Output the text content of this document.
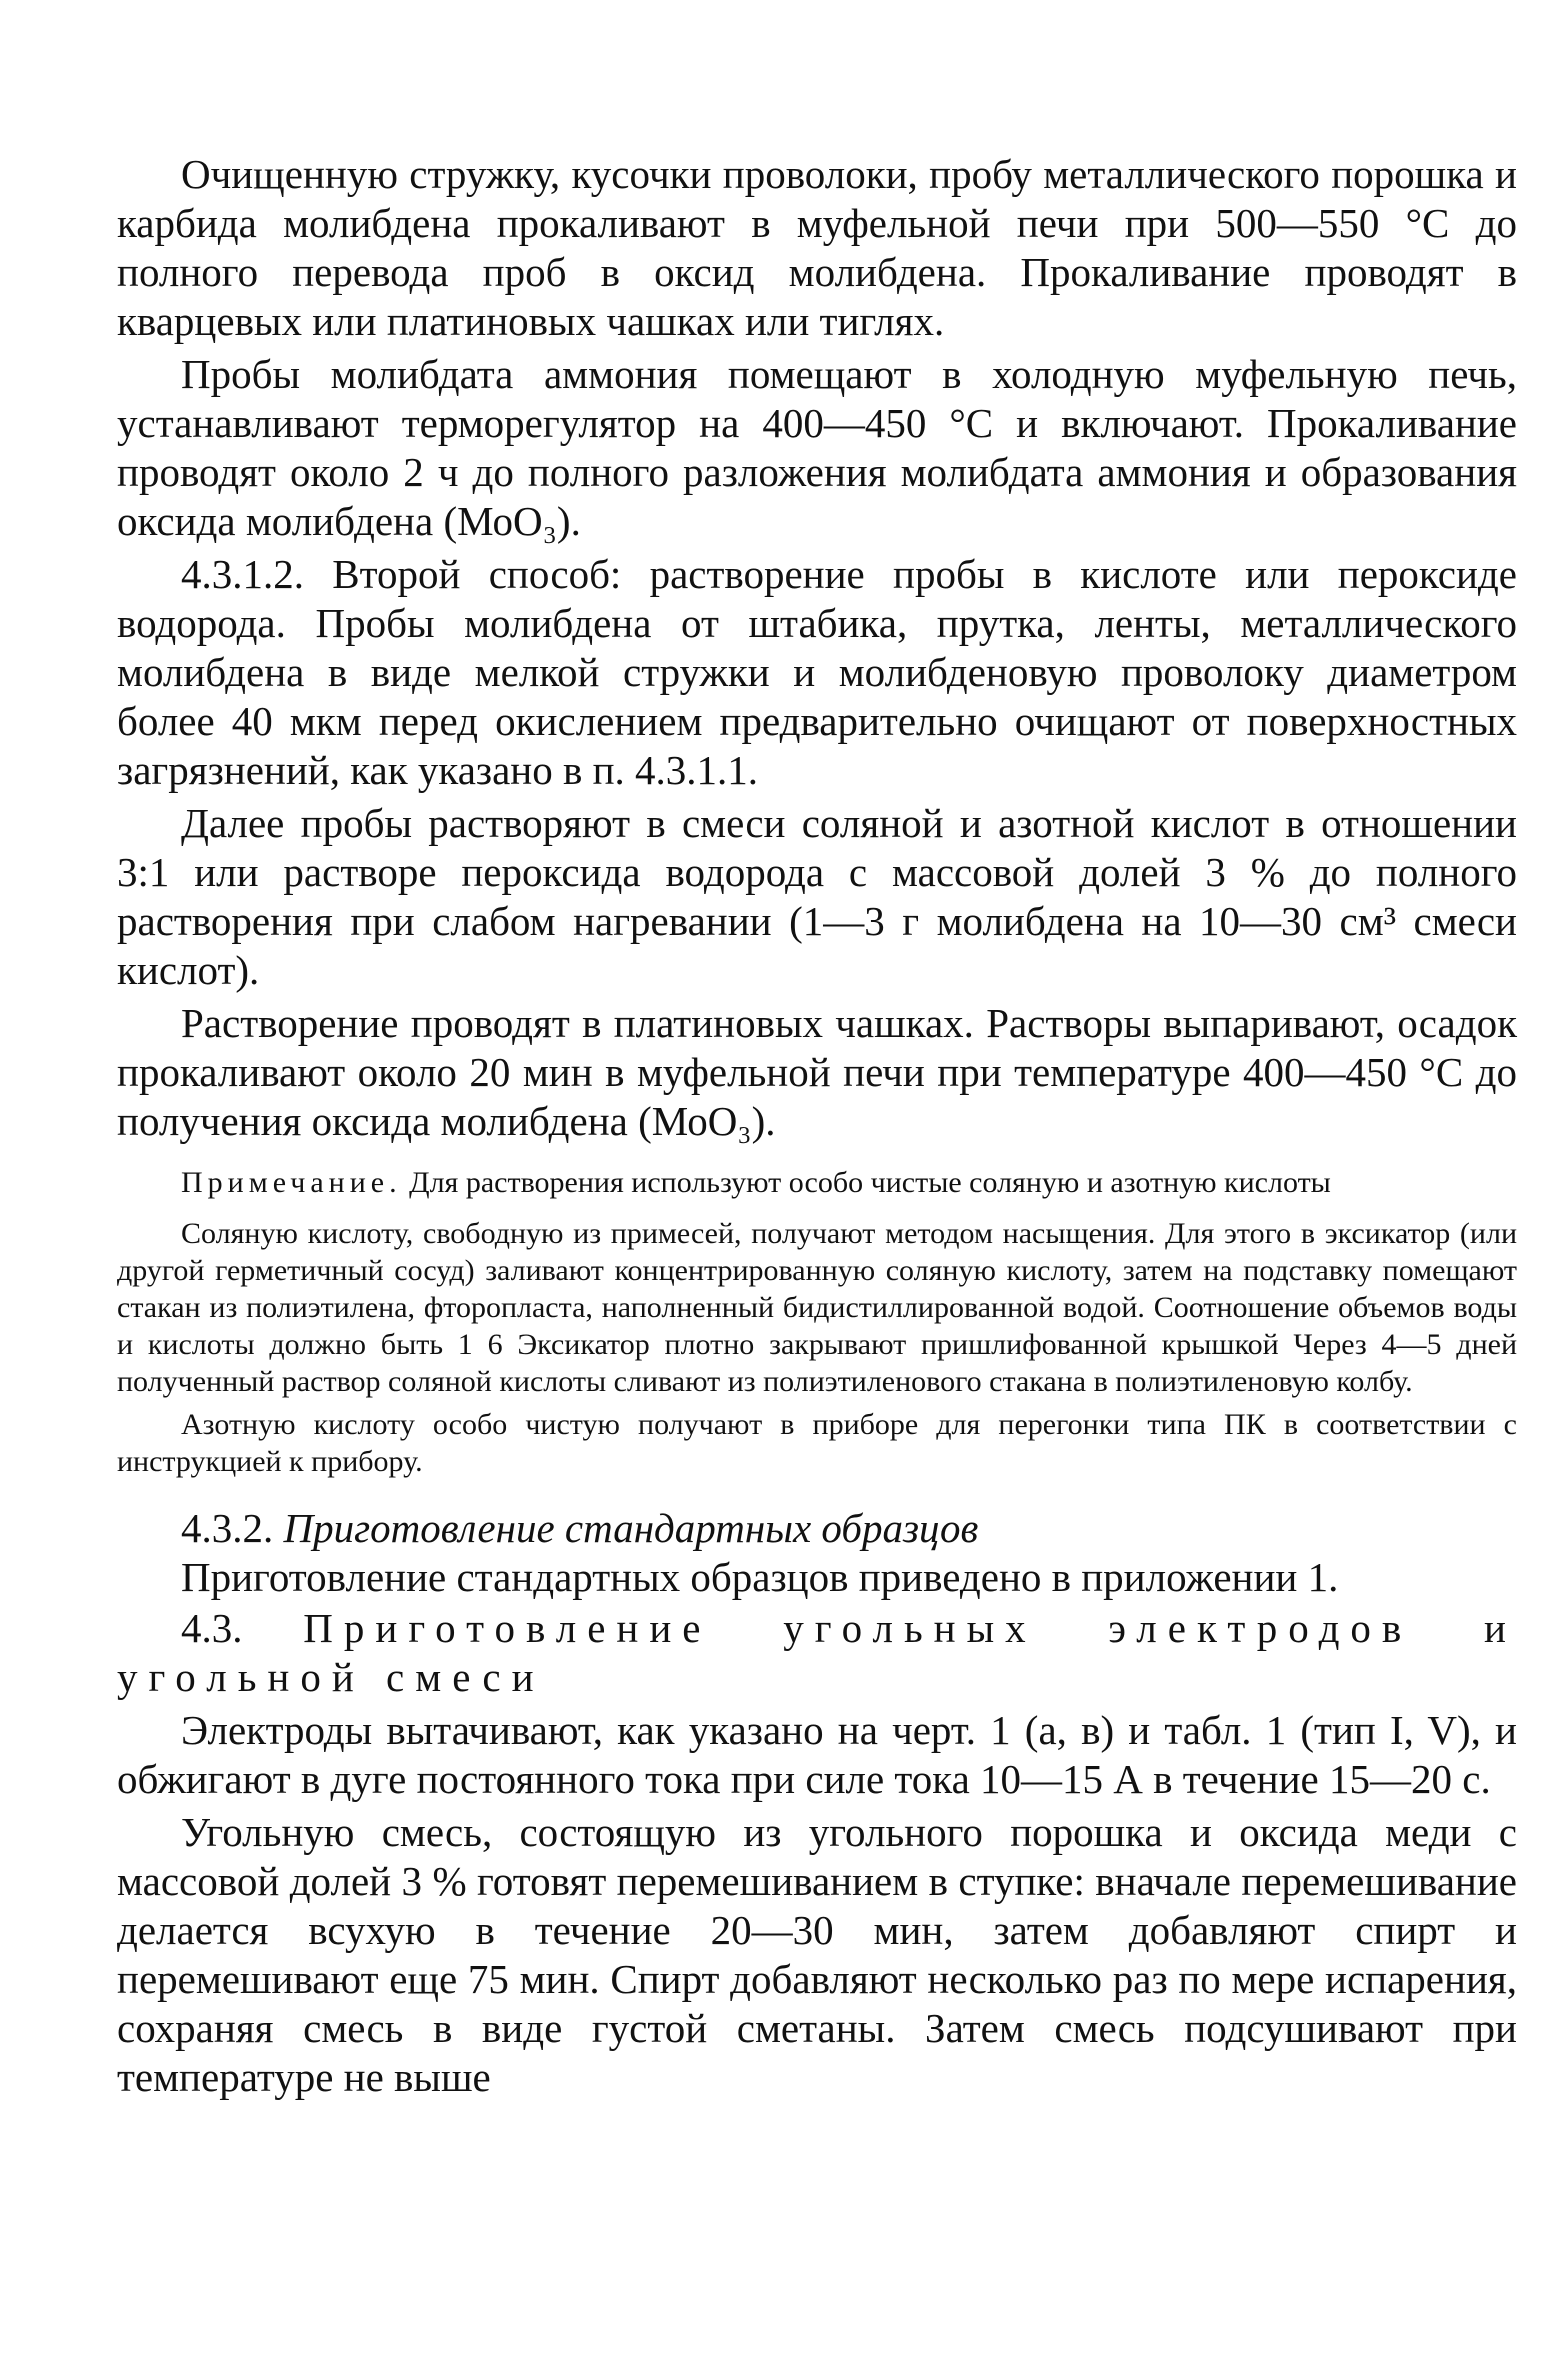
Очищенную стружку, кусочки проволоки, пробу металлического порошка и карбида молибдена прокаливают в муфельной печи при 500—550 °С до полного перевода проб в оксид молибдена. Прокаливание проводят в кварцевых или платиновых чашках или тиглях.

Пробы молибдата аммония помещают в холодную муфельную печь, устанавливают терморегулятор на 400—450 °С и включают. Прокаливание проводят около 2 ч до полного разложения молибдата аммония и образования оксида молибдена (МоО₃).

4.3.1.2. Второй способ: растворение пробы в кислоте или пероксиде водорода. Пробы молибдена от штабика, прутка, ленты, металлического молибдена в виде мелкой стружки и молибденовую проволоку диаметром более 40 мкм перед окислением предварительно очищают от поверхностных загрязнений, как указано в п. 4.3.1.1.

Далее пробы растворяют в смеси соляной и азотной кислот в отношении 3:1 или растворе пероксида водорода с массовой долей 3 % до полного растворения при слабом нагревании (1—3 г молибдена на 10—30 см³ смеси кислот).

Растворение проводят в платиновых чашках. Растворы выпаривают, осадок прокаливают около 20 мин в муфельной печи при температуре 400—450 °С до получения оксида молибдена (МоО₃).

Примечание. Для растворения используют особо чистые соляную и азотную кислоты

Соляную кислоту, свободную из примесей, получают методом насыщения. Для этого в эксикатор (или другой герметичный сосуд) заливают концентрированную соляную кислоту, затем на подставку помещают стакан из полиэтилена, фторопласта, наполненный бидистиллированной водой. Соотношение объемов воды и кислоты должно быть 1 6 Эксикатор плотно закрывают пришлифованной крышкой Через 4—5 дней полученный раствор соляной кислоты сливают из полиэтиленового стакана в полиэтиленовую колбу.

Азотную кислоту особо чистую получают в приборе для перегонки типа ПК в соответствии с инструкцией к прибору.

4.3.2. Приготовление стандартных образцов

Приготовление стандартных образцов приведено в приложении 1.

4.3. Приготовление угольных электродов и угольной смеси

Электроды вытачивают, как указано на черт. 1 (а, в) и табл. 1 (тип I, V), и обжигают в дуге постоянного тока при силе тока 10—15 А в течение 15—20 с.

Угольную смесь, состоящую из угольного порошка и оксида меди с массовой долей 3 % готовят перемешиванием в ступке: вначале перемешивание делается всухую в течение 20—30 мин, затем добавляют спирт и перемешивают еще 75 мин. Спирт добавляют несколько раз по мере испарения, сохраняя смесь в виде густой сметаны. Затем смесь подсушивают при температуре не выше
